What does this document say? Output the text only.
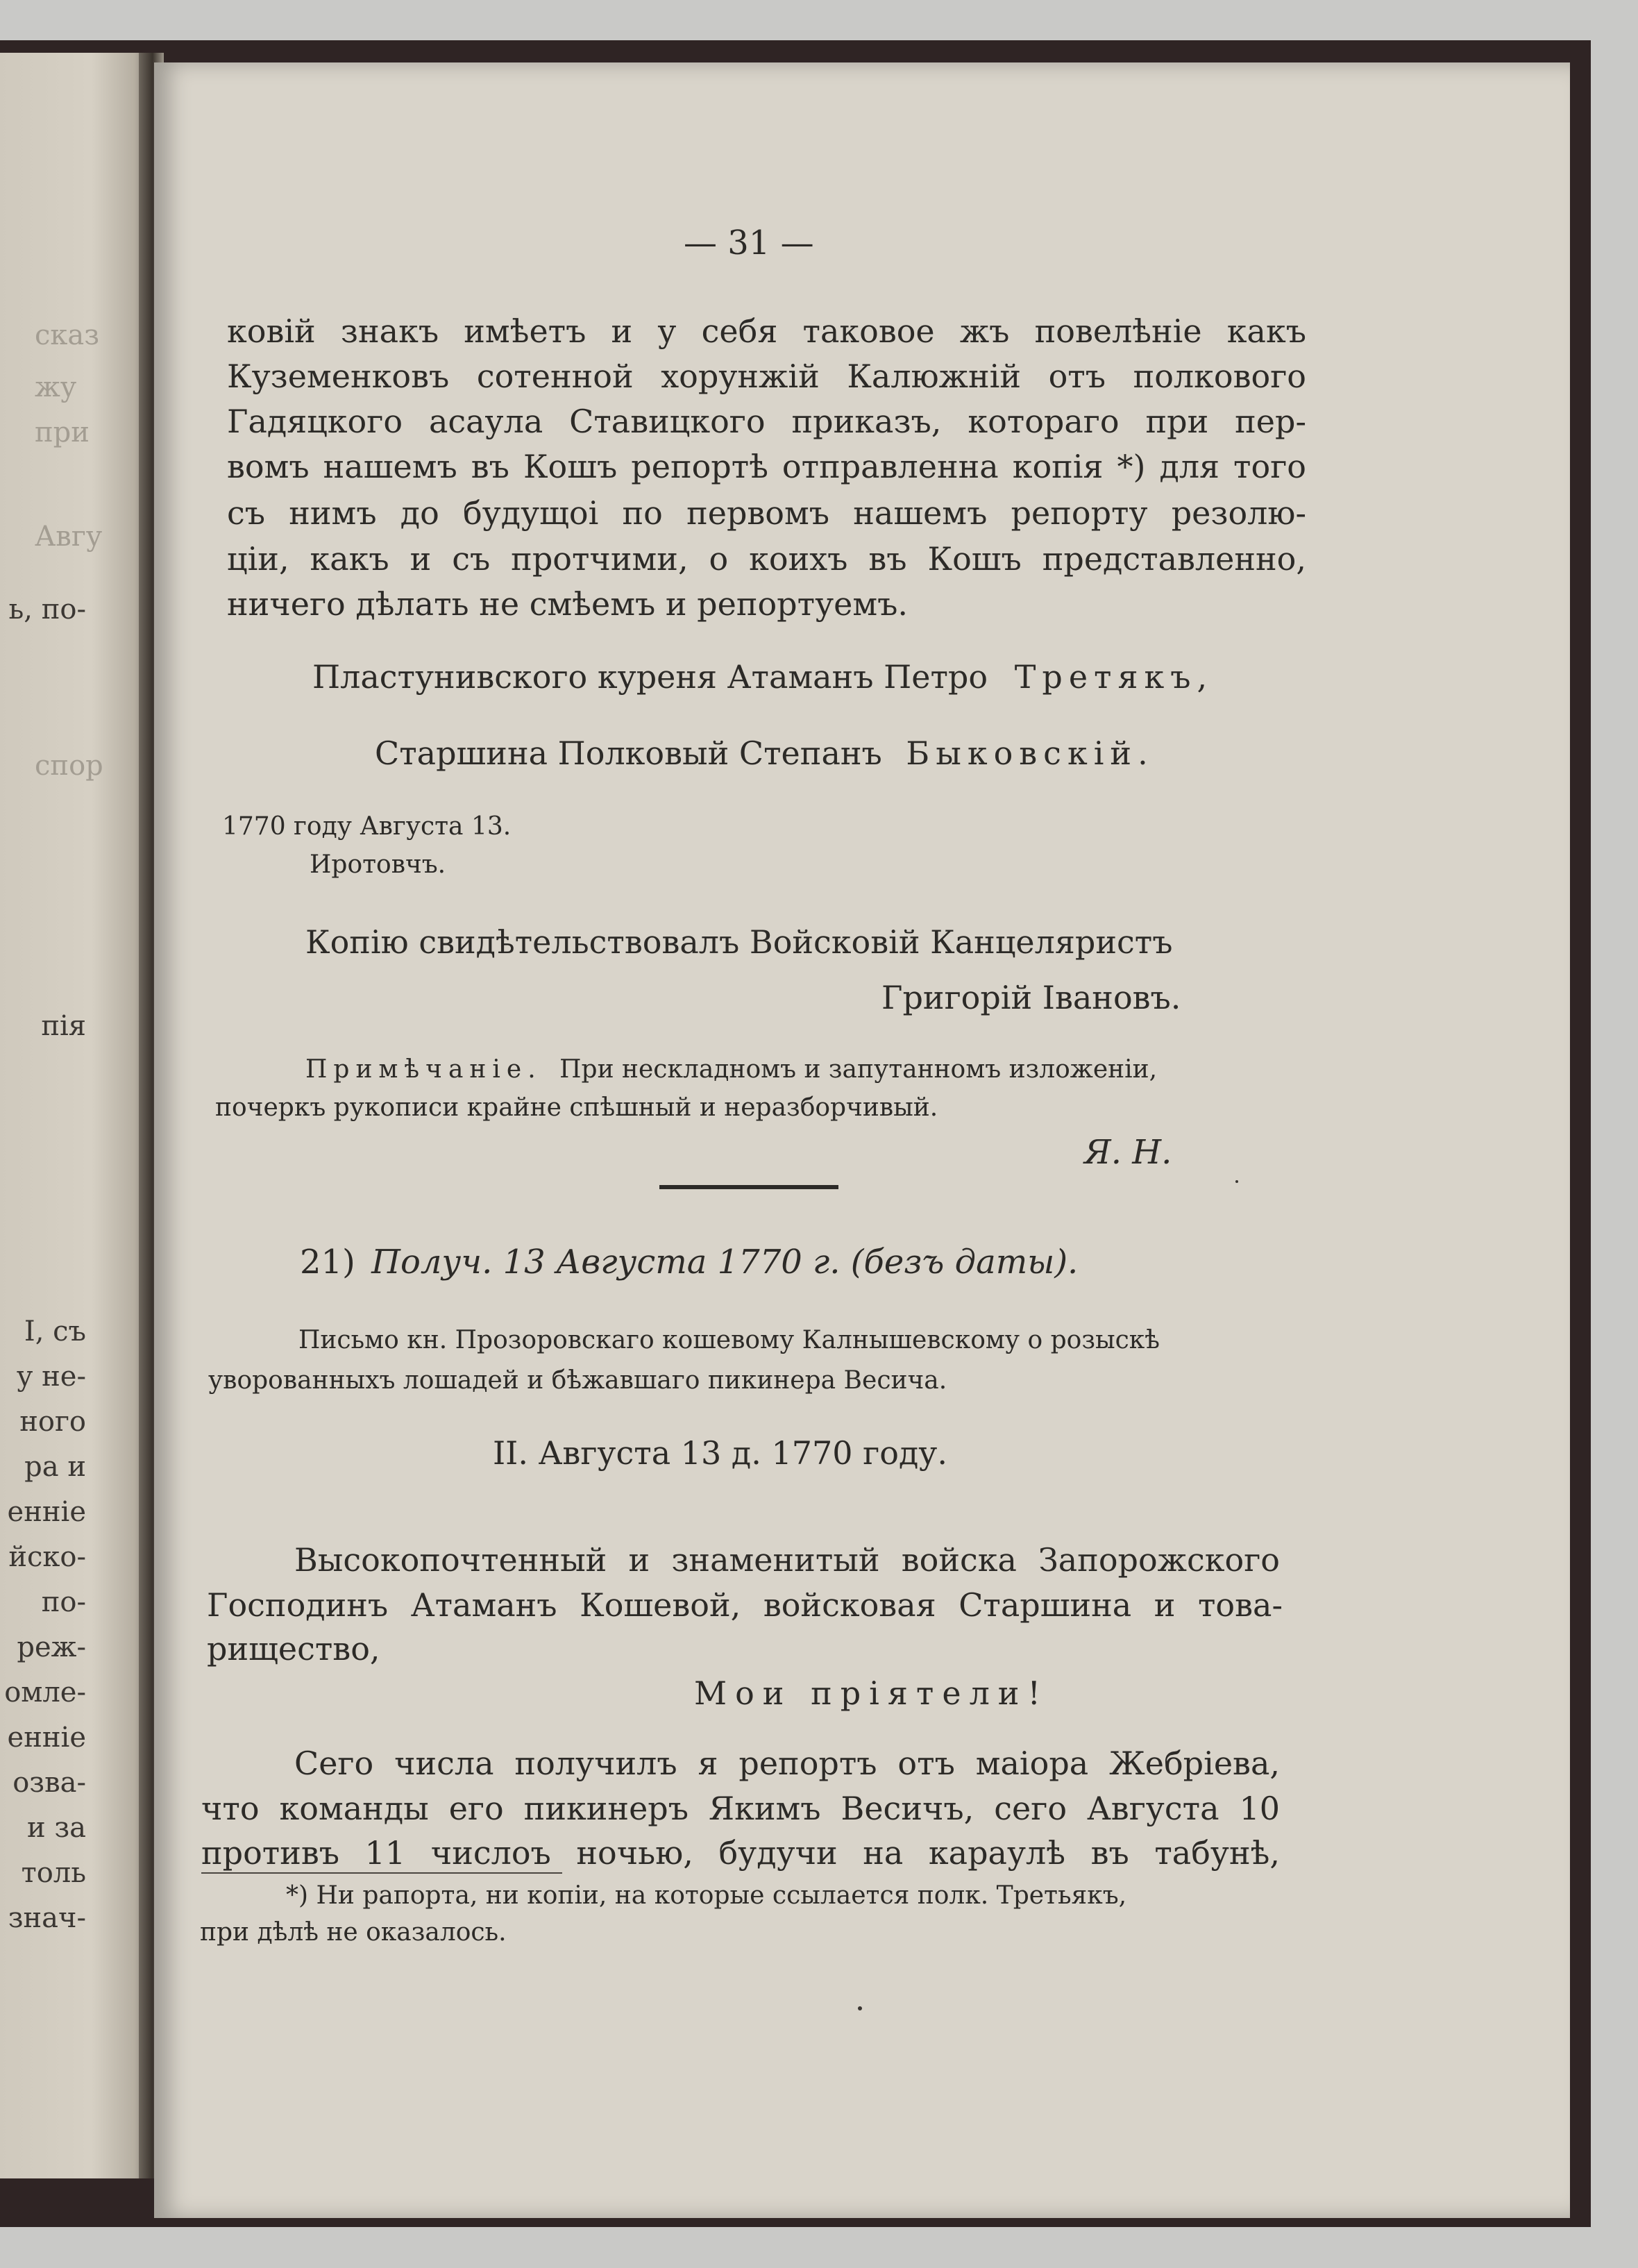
сказ
жу
при
Авгу
ь, по-
спор
пія
I, съ
у не-
ного
ра и
енніе
йско-
по-
реж-
омле-
енніе
озва-
и за
толь
знач-
— 31 —
ковій знакъ имѣетъ и у себя таковое жъ повелѣніе какъ
Куземенковъ сотенной хорунжій Калюжній отъ полкового
Гадяцкого асаула Ставицкого приказъ, котораго при пер-
вомъ нашемъ въ Кошъ репортѣ отправленна копія *) для того
съ нимъ до будущоі по первомъ нашемъ репорту резолю-
ціи, какъ и съ протчими, о коихъ въ Кошъ представленно,
ничего дѣлать не смѣемъ и репортуемъ.
Пластунивского куреня Атаманъ Петро Третякъ,
Старшина Полковый Степанъ Быковскій.
1770 году Августа 13.
Иротовчъ.
Копію свидѣтельствовалъ Войсковій Канцеляристъ
Григорій Івановъ.
Примѣчаніе. При нескладномъ и запутанномъ изложеніи,
почеркъ рукописи крайне спѣшный и неразборчивый.
Я. Н.
21) Получ. 13 Августа 1770 г. (безъ даты).
Письмо кн. Прозоровскаго кошевому Калнышевскому о розыскѣ
уворованныхъ лошадей и бѣжавшаго пикинера Весича.
II. Августа 13 д. 1770 году.
Высокопочтенный и знаменитый войска Запорожского
Господинъ Атаманъ Кошевой, войсковая Старшина и това-
рищество,
Мои пріятели!
Сего числа получилъ я репортъ отъ маіора Жебріева,
что команды его пикинеръ Якимъ Весичъ, сего Августа 10
противъ 11 числоъ ночью, будучи на караулѣ въ табунѣ,
*) Ни рапорта, ни копіи, на которые ссылается полк. Третьякъ,
при дѣлѣ не оказалось.
